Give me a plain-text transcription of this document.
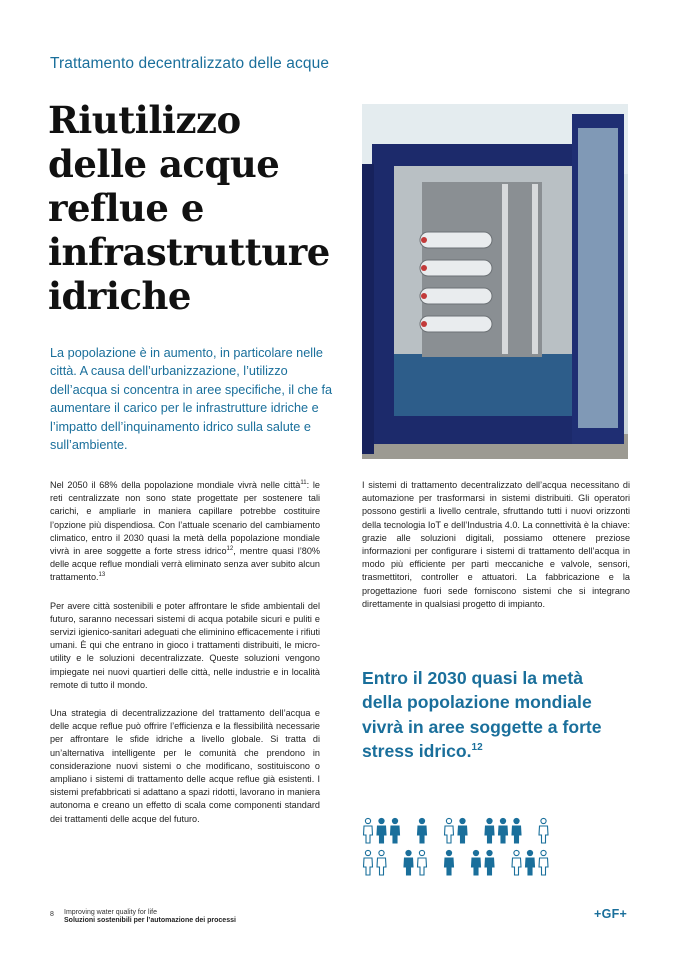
Trattamento decentralizzato delle acque
Riutilizzo delle acque reflue e infrastrutture idriche
La popolazione è in aumento, in particolare nelle città. A causa dell’urbanizzazione, l’utilizzo dell’acqua si concentra in aree specifiche, il che fa aumentare il carico per le infrastrutture idriche e l’impatto dell’inquinamento idrico sulla salute e sull’ambiente.

Nel 2050 il 68% della popolazione mondiale vivrà nelle città$^{11}$: le reti centralizzate non sono state progettate per sostenere tali carichi, e ampliarle in maniera capillare potrebbe costituire l’opzione più dispendiosa. Con l’attuale scenario del cambiamento climatico, entro il 2030 quasi la metà della popolazione mondiale vivrà in aree soggette a forte stress idrico$^{12}$, mentre quasi l’80% delle acque reflue mondiali verrà eliminato senza aver subito alcun trattamento.$^{13}$

Per avere città sostenibili e poter affrontare le sfide ambientali del futuro, saranno necessari sistemi di acqua potabile sicuri e puliti e servizi igienico-sanitari adeguati che eliminino efficacemente i rifiuti umani. È qui che entrano in gioco i trattamenti distribuiti, le micro-utility e le soluzioni decentralizzate. Queste soluzioni vengono impiegate nei nuovi quartieri delle città, nelle industrie e in località remote di tutto il mondo.

Una strategia di decentralizzazione del trattamento dell’acqua e delle acque reflue può offrire l’efficienza e la flessibilità necessarie per affrontare le sfide idriche a livello globale. Si tratta di un’alternativa intelligente per le comunità che prendono in considerazione nuovi sistemi o che modificano, sostituiscono o ampliano i sistemi di trattamento delle acque reflue già esistenti. I sistemi prefabbricati si adattano a spazi ridotti, lavorano in maniera autonoma e creano un effetto di scala come componenti standard dei trattamenti delle acque del futuro.

I sistemi di trattamento decentralizzato dell’acqua necessitano di automazione per trasformarsi in sistemi distribuiti. Gli operatori possono gestirli a livello centrale, sfruttando tutti i nuovi orizzonti della tecnologia IoT e dell’Industria 4.0. La connettività è la chiave: grazie alle soluzioni digitali, possiamo ottenere preziose informazioni per configurare i sistemi di trattamento dell’acqua in modo più efficiente per parti meccaniche e valvole, sensori, trasmettitori, controller e attuatori. La fabbricazione e la progettazione fuori sede forniscono sistemi che si integrano direttamente in qualsiasi progetto di impianto.

Entro il 2030 quasi la metà della popolazione mondiale vivrà in aree soggette a forte stress idrico.$^{12}$
8 Improving water quality for life
Soluzioni sostenibili per l’automazione dei processi	+GF+
